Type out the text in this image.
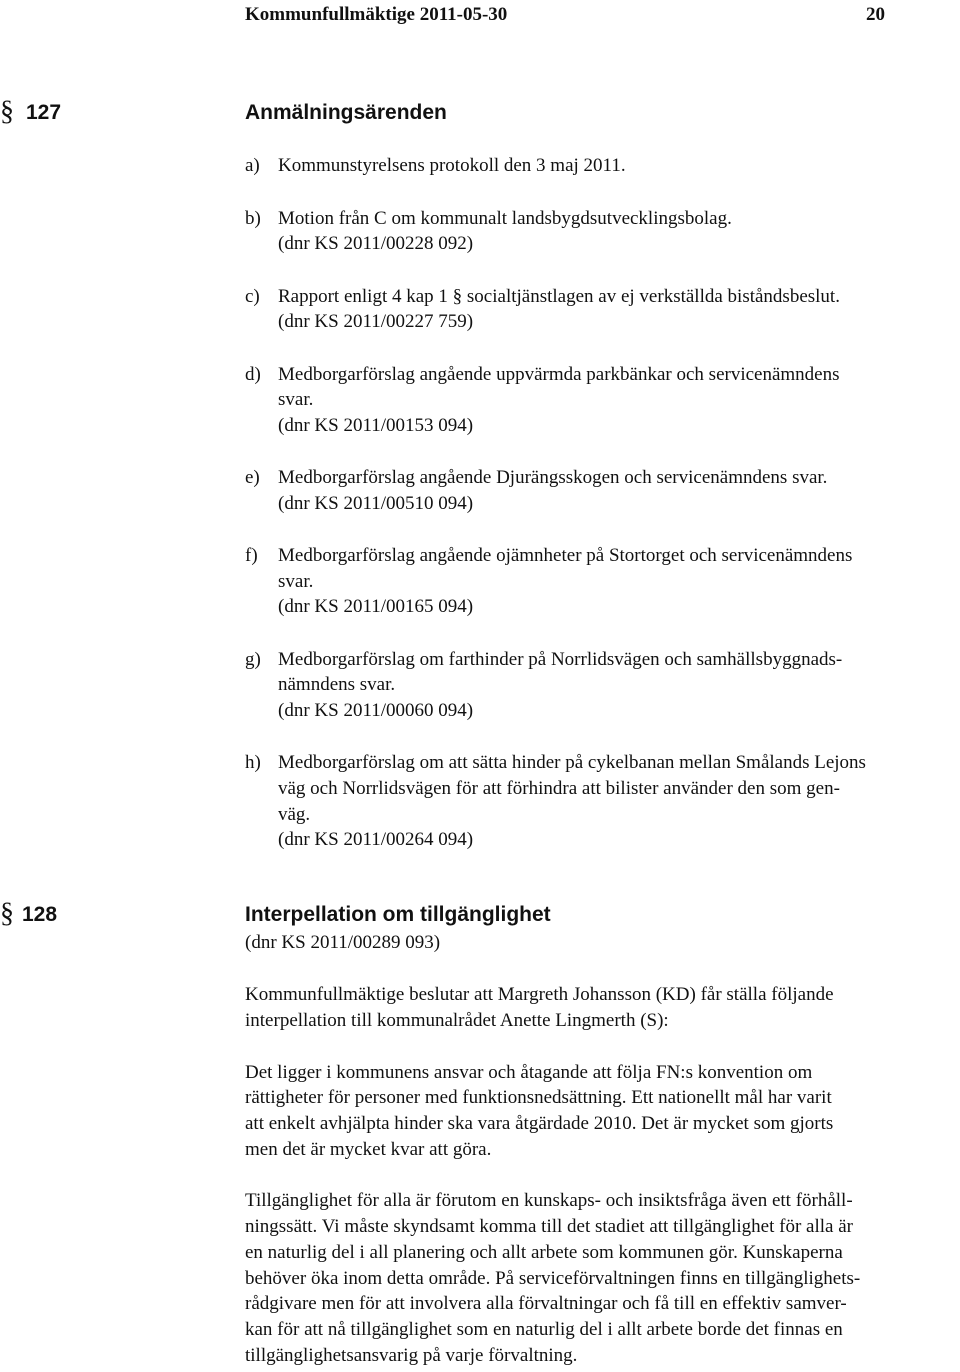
Kommunfullmäktige 2011-05-30	20
§ 127	Anmälningsärenden
a) Kommunstyrelsens protokoll den 3 maj 2011.
b) Motion från C om kommunalt landsbygdsutvecklingsbolag.
(dnr KS 2011/00228 092)
c) Rapport enligt 4 kap 1 § socialtjänstlagen av ej verkställda biståndsbeslut.
(dnr KS 2011/00227 759)
d) Medborgarförslag angående uppvärmda parkbänkar och servicenämndens
svar.
(dnr KS 2011/00153 094)
e) Medborgarförslag angående Djurängsskogen och servicenämndens svar.
(dnr KS 2011/00510 094)
f) Medborgarförslag angående ojämnheter på Stortorget och servicenämndens
svar.
(dnr KS 2011/00165 094)
g) Medborgarförslag om farthinder på Norrlidsvägen och samhällsbyggnads-
nämndens svar.
(dnr KS 2011/00060 094)
h) Medborgarförslag om att sätta hinder på cykelbanan mellan Smålands Lejons
väg och Norrlidsvägen för att förhindra att bilister använder den som gen-
väg.
(dnr KS 2011/00264 094)
§ 128	Interpellation om tillgänglighet
(dnr KS 2011/00289 093)
Kommunfullmäktige beslutar att Margreth Johansson (KD) får ställa följande
interpellation till kommunalrådet Anette Lingmerth (S):
Det ligger i kommunens ansvar och åtagande att följa FN:s konvention om
rättigheter för personer med funktionsnedsättning. Ett nationellt mål har varit
att enkelt avhjälpta hinder ska vara åtgärdade 2010. Det är mycket som gjorts
men det är mycket kvar att göra.
Tillgänglighet för alla är förutom en kunskaps- och insiktsfråga även ett förhåll-
ningssätt. Vi måste skyndsamt komma till det stadiet att tillgänglighet för alla är
en naturlig del i all planering och allt arbete som kommunen gör. Kunskaperna
behöver öka inom detta område. På serviceförvaltningen finns en tillgänglighets-
rådgivare men för att involvera alla förvaltningar och få till en effektiv samver-
kan för att nå tillgänglighet som en naturlig del i allt arbete borde det finnas en
tillgänglighetsansvarig på varje förvaltning.
